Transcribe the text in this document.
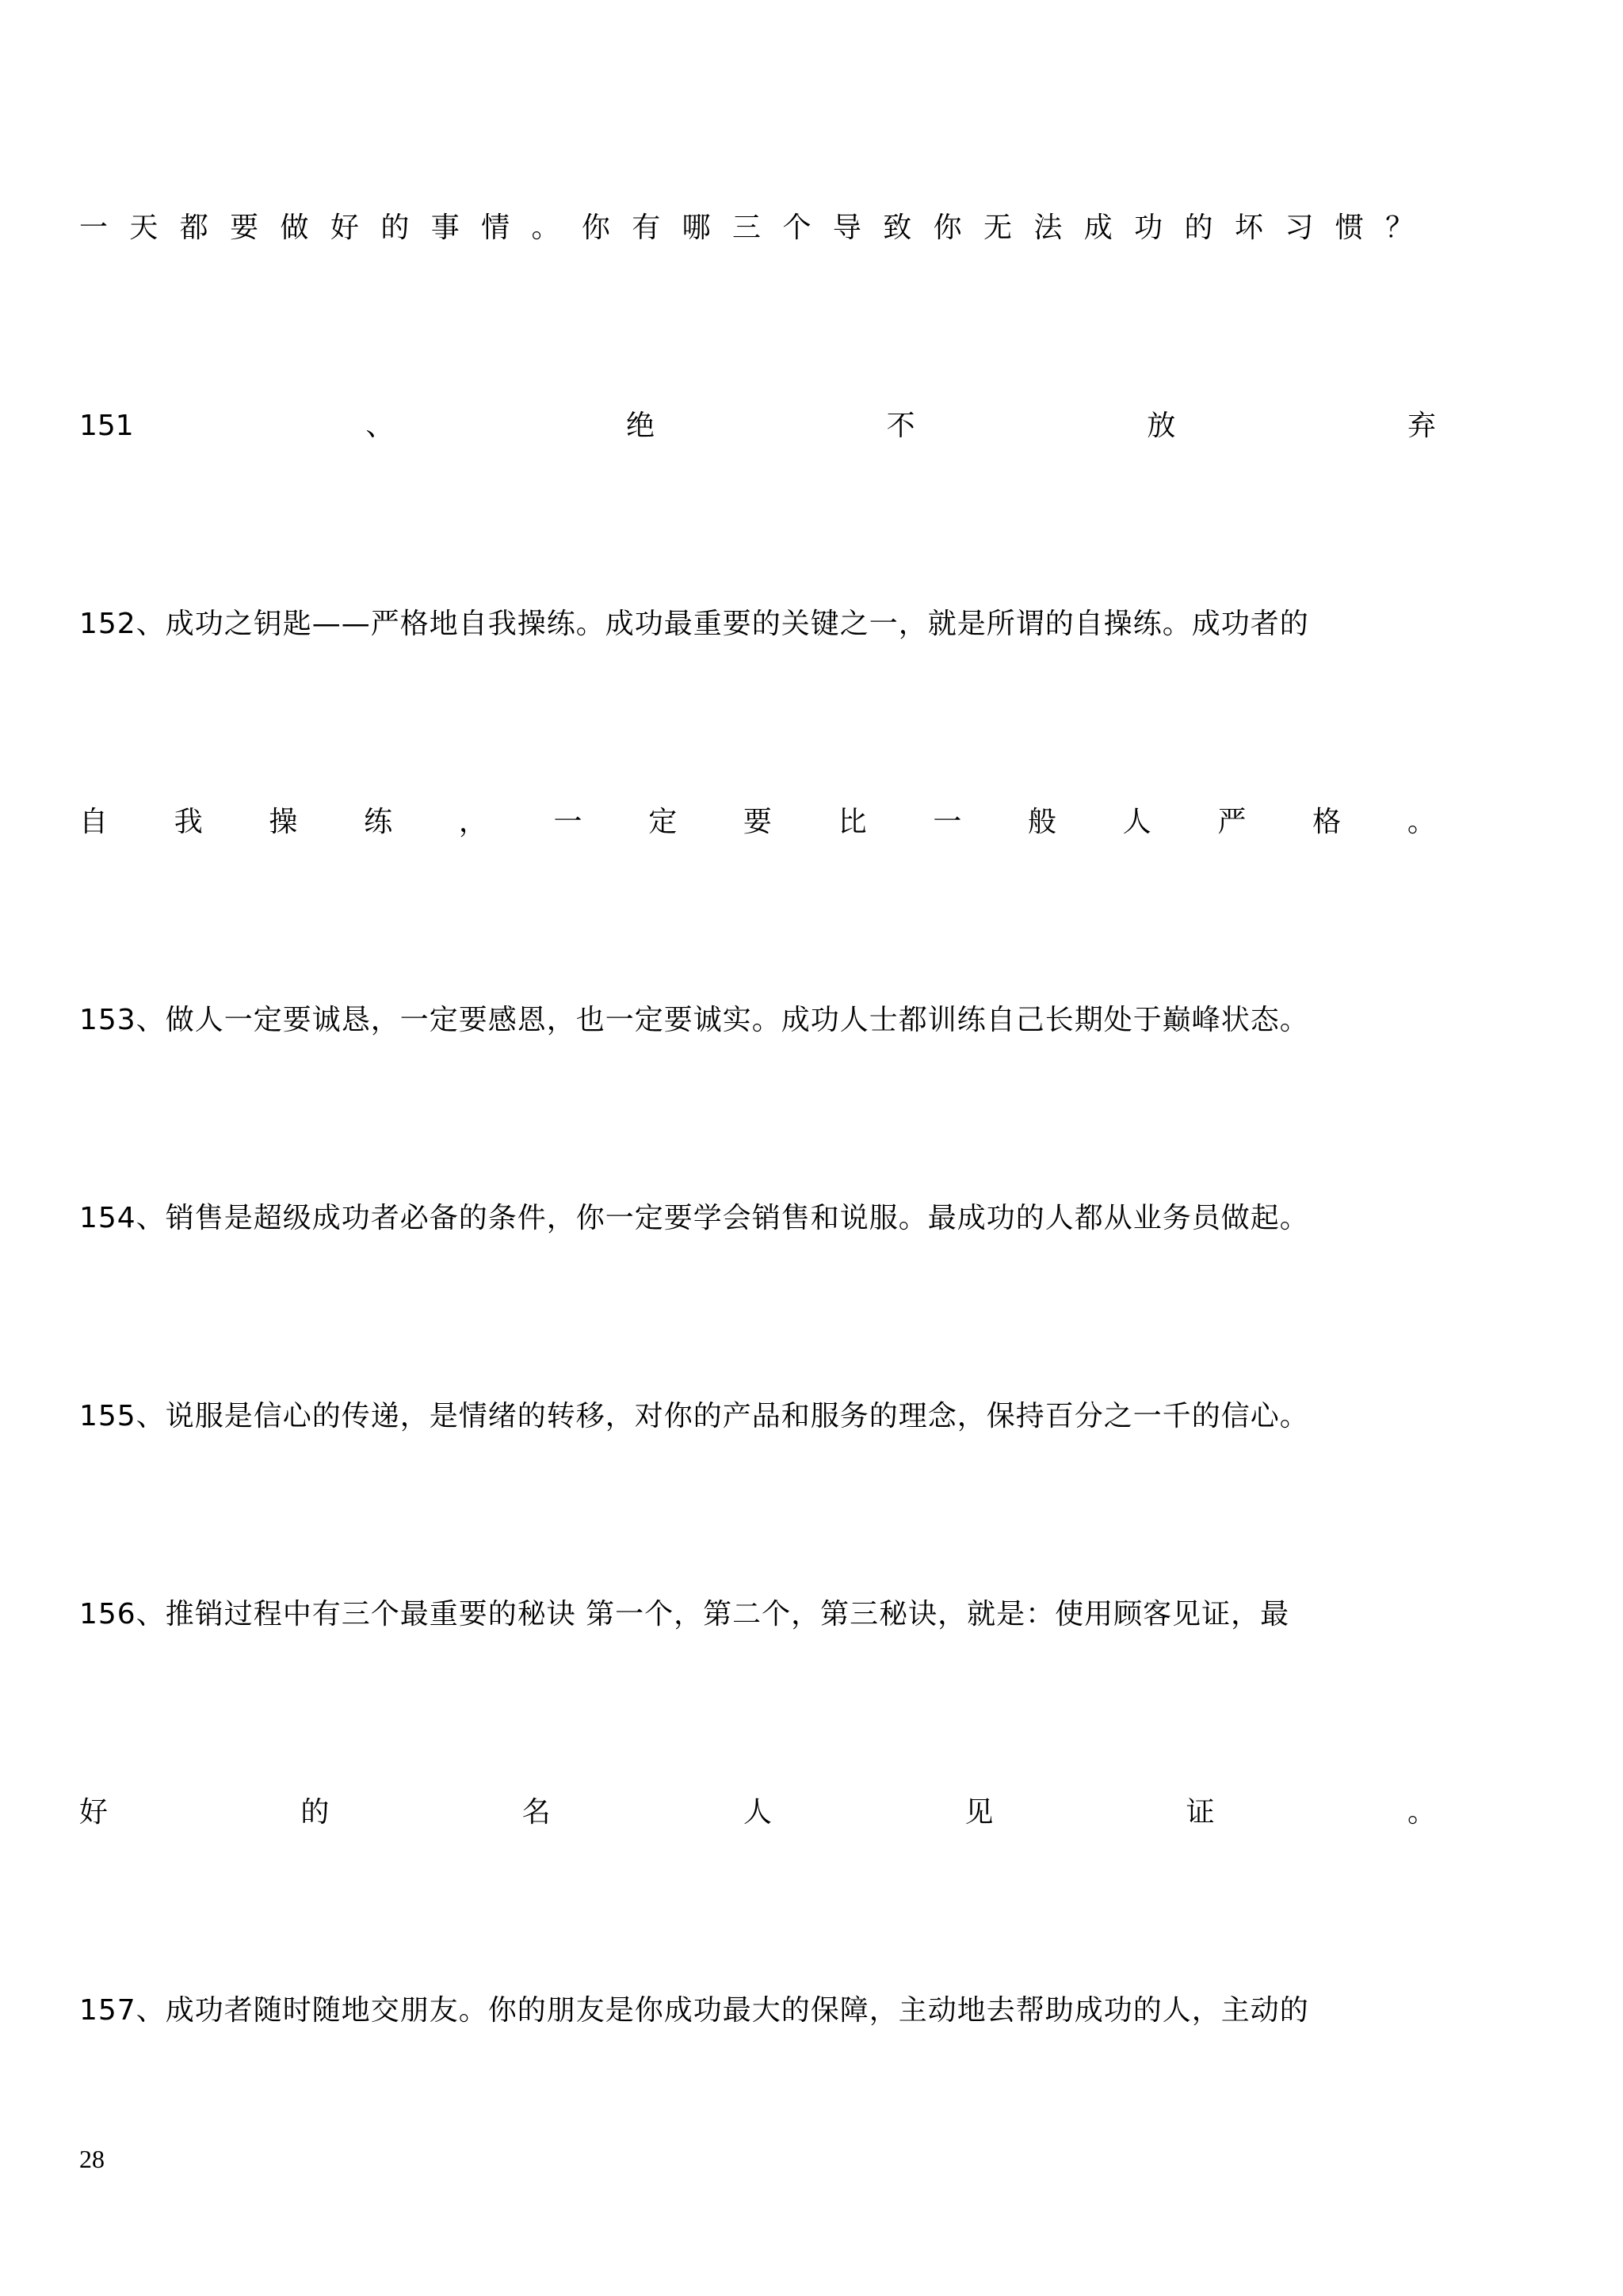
一天都要做好的事情。你有哪三个导致你无法成功的坏习惯？
151	、	绝	不	放	弃
152、成功之钥匙——严格地自我操练。成功最重要的关键之一，就是所谓的自操练。成功者的
自 我 操 练 ， 一 定 要 比 一 般 人 严 格 。
153、做人一定要诚恳，一定要感恩，也一定要诚实。成功人士都训练自己长期处于巅峰状态。
154、销售是超级成功者必备的条件，你一定要学会销售和说服。最成功的人都从业务员做起。
155、说服是信心的传递，是情绪的转移，对你的产品和服务的理念，保持百分之一千的信心。
156、推销过程中有三个最重要的秘诀 第一个，第二个，第三秘诀，就是：使用顾客见证，最
好	的	名	人	见	证	。
157、成功者随时随地交朋友。你的朋友是你成功最大的保障，主动地去帮助成功的人，主动的
28
